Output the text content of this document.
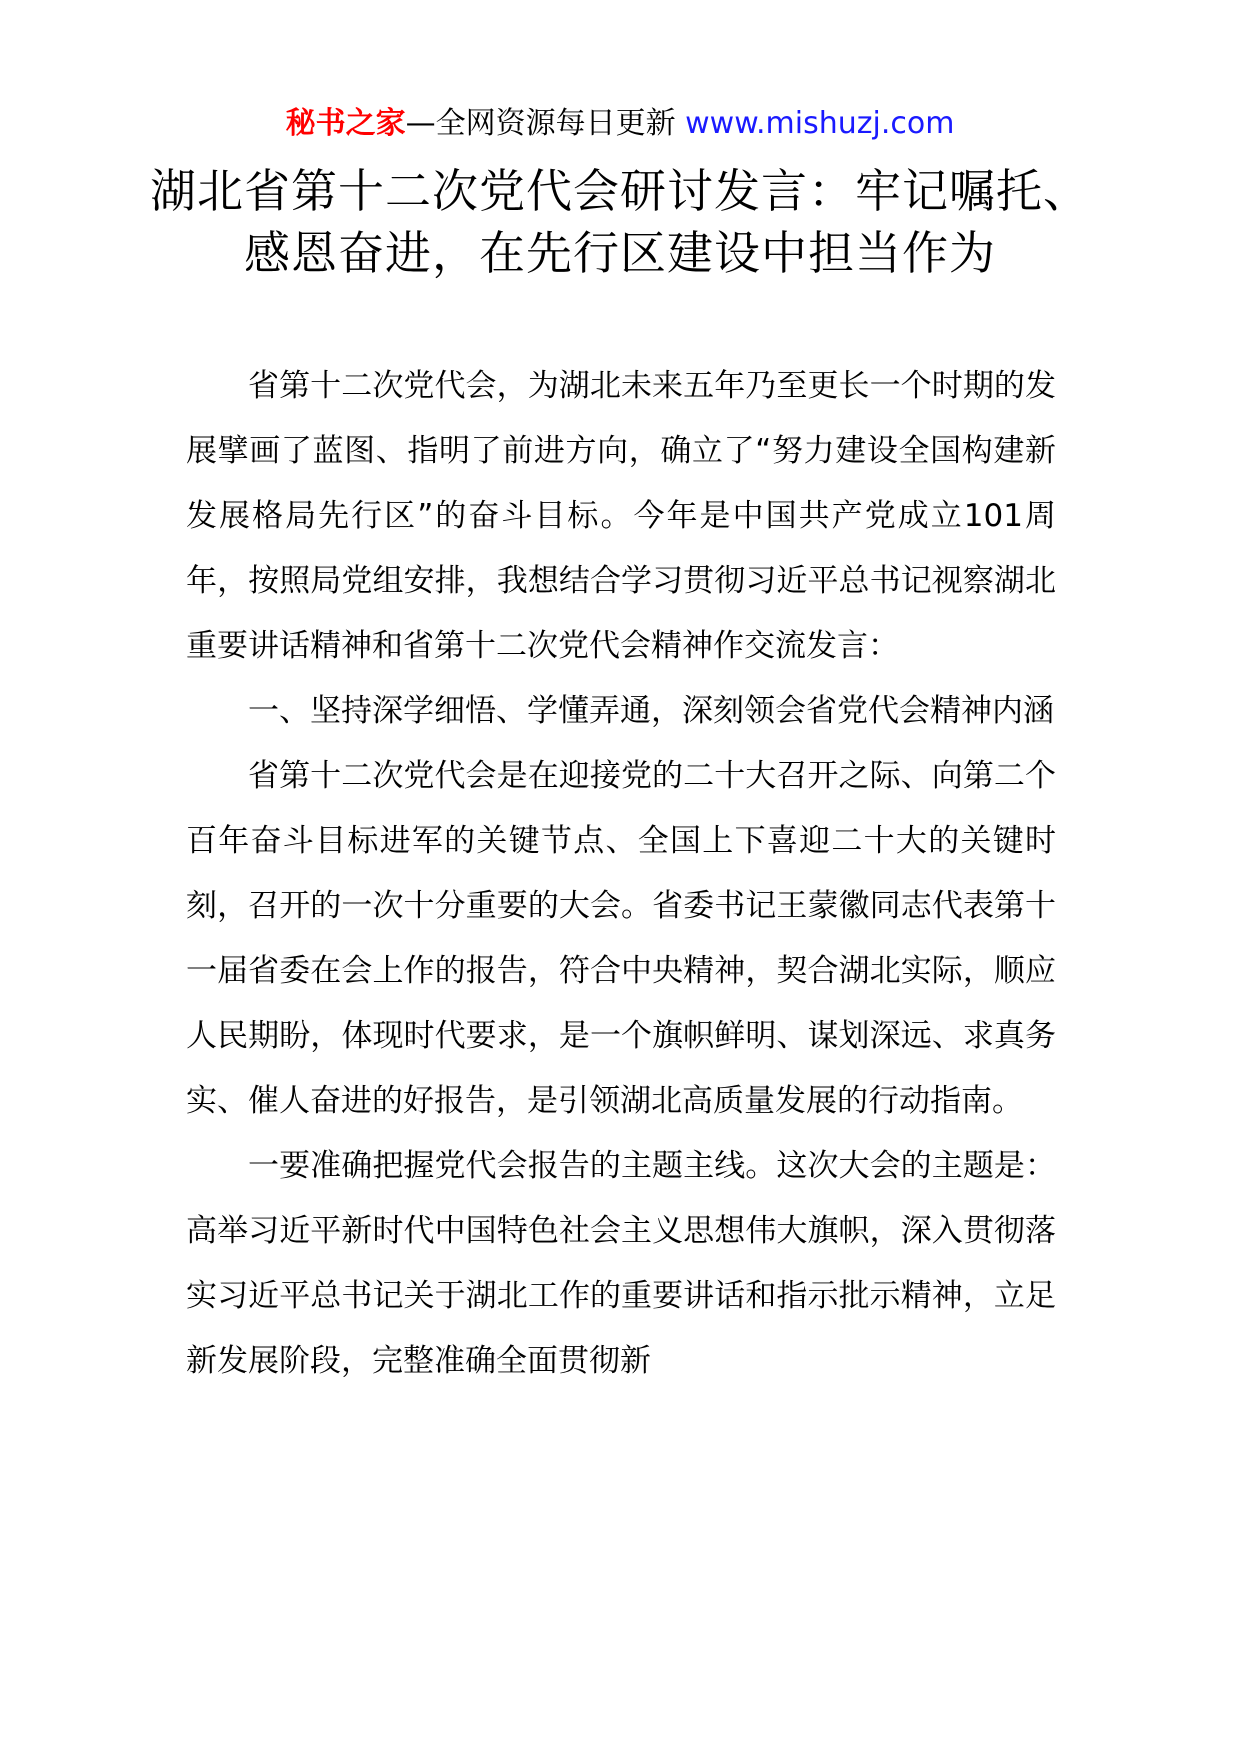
秘书之家—全网资源每日更新 www.mishuzj.com
湖北省第十二次党代会研讨发言：牢记嘱托、感恩奋进，在先行区建设中担当作为

省第十二次党代会，为湖北未来五年乃至更长一个时期的发展擘画了蓝图、指明了前进方向，确立了“努力建设全国构建新发展格局先行区”的奋斗目标。今年是中国共产党成立101周年，按照局党组安排，我想结合学习贯彻习近平总书记视察湖北重要讲话精神和省第十二次党代会精神作交流发言：

一、坚持深学细悟、学懂弄通，深刻领会省党代会精神内涵

省第十二次党代会是在迎接党的二十大召开之际、向第二个百年奋斗目标进军的关键节点、全国上下喜迎二十大的关键时刻，召开的一次十分重要的大会。省委书记王蒙徽同志代表第十一届省委在会上作的报告，符合中央精神，契合湖北实际，顺应人民期盼，体现时代要求，是一个旗帜鲜明、谋划深远、求真务实、催人奋进的好报告，是引领湖北高质量发展的行动指南。

一要准确把握党代会报告的主题主线。这次大会的主题是：高举习近平新时代中国特色社会主义思想伟大旗帜，深入贯彻落实习近平总书记关于湖北工作的重要讲话和指示批示精神，立足新发展阶段，完整准确全面贯彻新
